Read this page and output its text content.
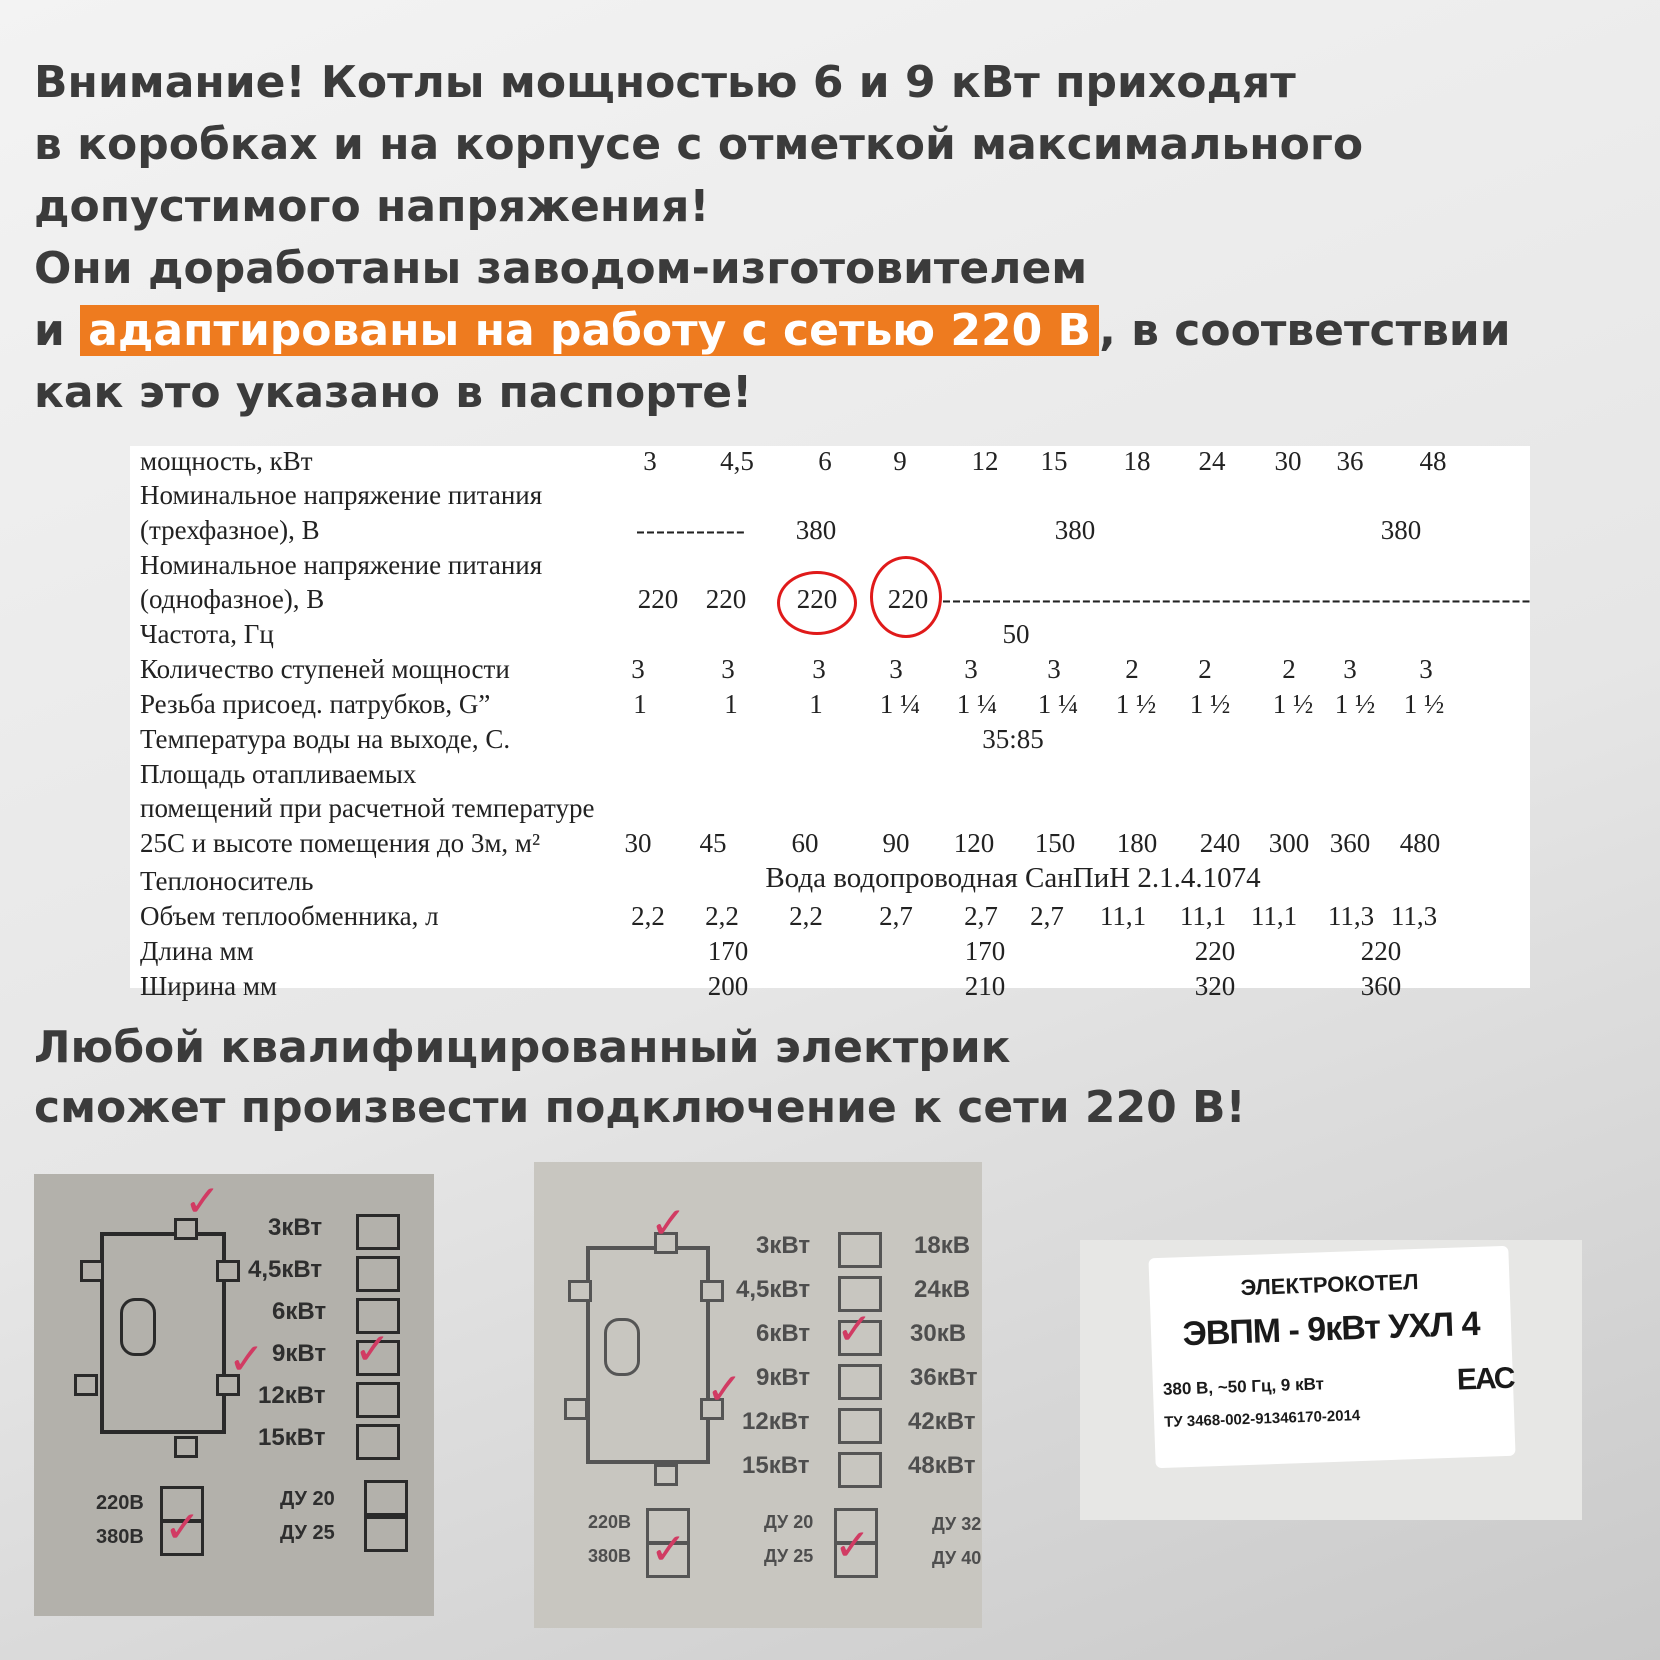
Внимание! Котлы мощностью 6 и 9 кВт приходят
в коробках и на корпусе с отметкой максимального
допустимого напряжения!
Они доработаны заводом-изготовителем
и адаптированы на работу с сетью 220 В , в соответствии
как это указано в паспорте!
мощность, кВт	3 4,5 6 9 12 15 18 24 30 36 48
Номинальное напряжение питания
(трехфазное), В	-----------	380	380	380
Номинальное напряжение питания
(однофазное), В	220 220 220 220 -----------------------------------------------------------
Частота, Гц	50
Количество ступеней мощности	3	3	3 3 3	3 2 2	2 3 3
Резьба присоед. патрубков, G”	1	1	1 1 ¼ 1 ¼ 1 ¼ 1 ½ 1 ½ 1 ½ 1 ½ 1 ½
Температура воды на выходе, С.	35:85
Площадь отапливаемых
помещений при расчетной температуре
25С и высоте помещения до 3м, м²	30 45 60 90 120 150 180 240 300 360 480
Теплоноситель	Вода водопроводная СанПиН 2.1.4.1074
Объем теплообменника, л	2,2 2,2 2,2 2,7 2,7 2,7 11,1 11,1 11,1 11,3 11,3
Длина мм	170	170	220	220
Ширина мм	200	210	320	360
Любой квалифицированный электрик
сможет произвести подключение к сети 220 В!
✓
✓
3кВт
4,5кВт
6кВт
9кВт
12кВт
15кВт
✓
220В
380В ✓
ДУ 20
ДУ 25
✓
✓
3кВт
4,5кВт
6кВт
9кВт
12кВт
15кВт
✓
18кВ
24кВ
30кВ
36кВт
42кВт
48кВт
220В
380В ✓
ДУ 20
ДУ 25 ✓	ДУ 32
ДУ 40
ЭЛЕКТРОКОТЕЛ
ЭВПМ - 9кВт УХЛ 4
380 В, ~50 Гц, 9 кВт
ТУ 3468-002-91346170-2014
ЕАС
